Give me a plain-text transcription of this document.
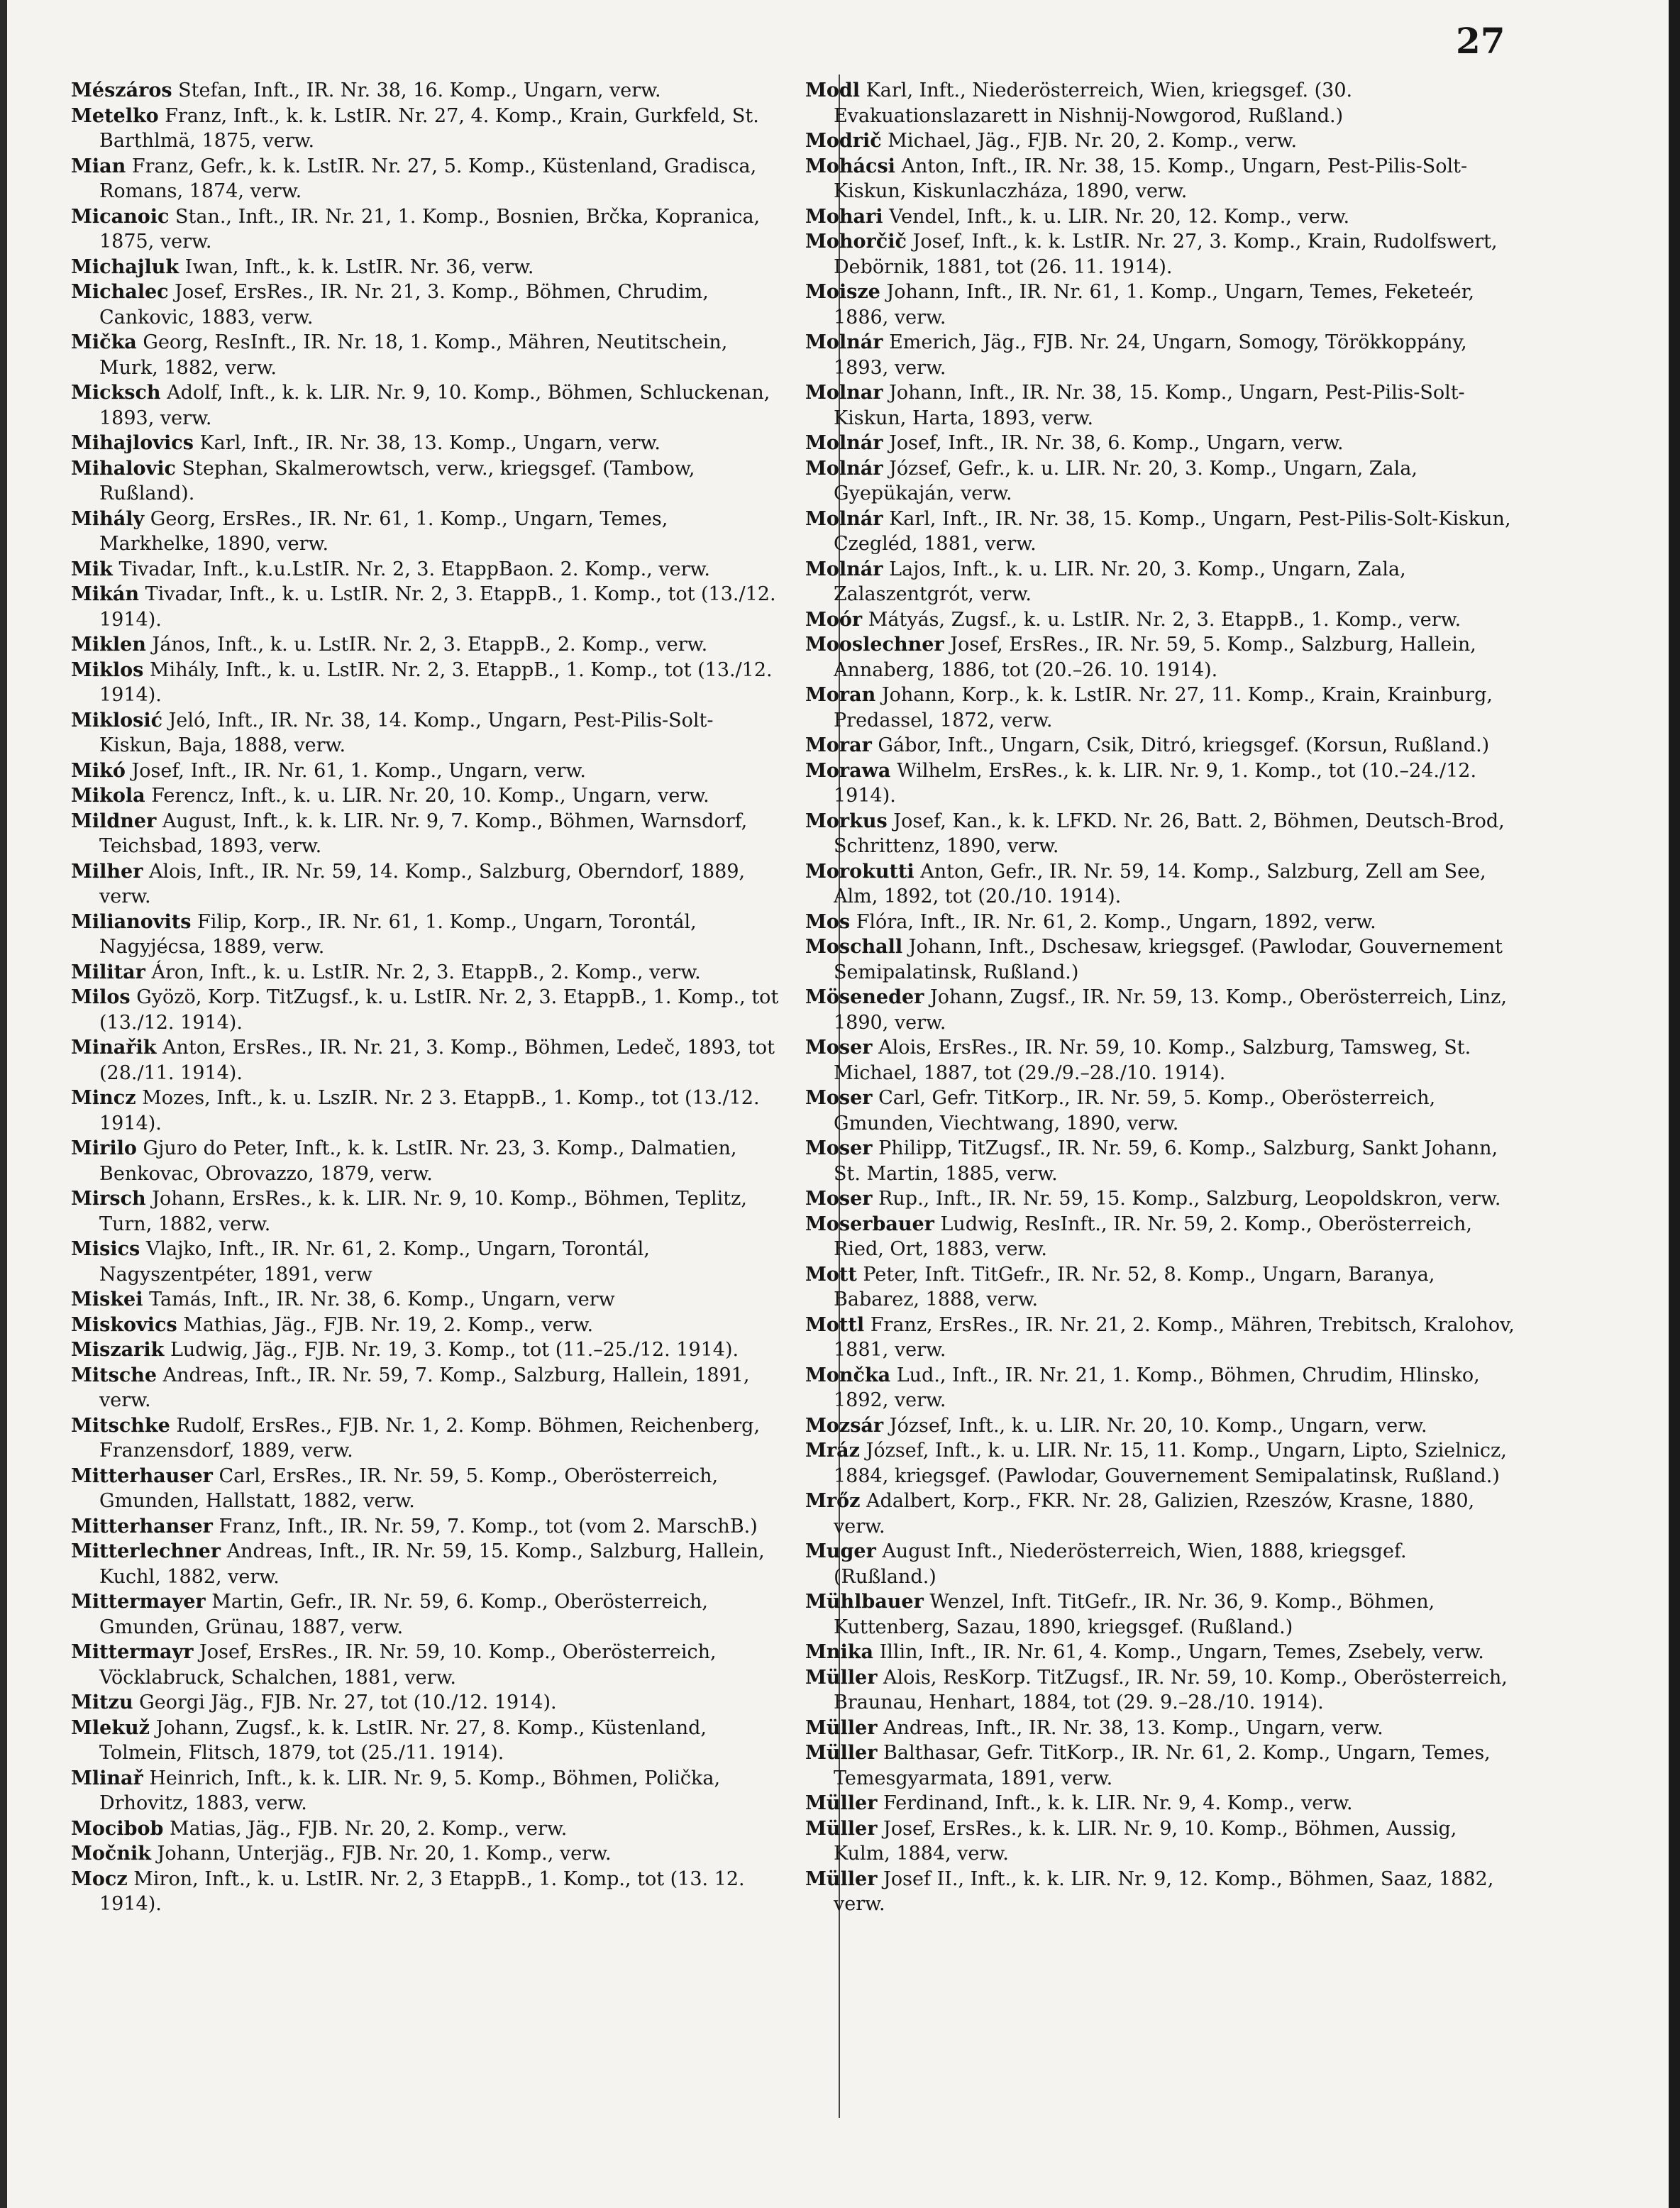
27

Mészáros Stefan, Inft., IR. Nr. 38, 16. Komp., Ungarn, verw.

Metelko Franz, Inft., k. k. LstIR. Nr. 27, 4. Komp., Krain, Gurkfeld, St. Barthlmä, 1875, verw.

Mian Franz, Gefr., k. k. LstIR. Nr. 27, 5. Komp., Küstenland, Gradisca, Romans, 1874, verw.

Micanoic Stan., Inft., IR. Nr. 21, 1. Komp., Bosnien, Brčka, Kopranica, 1875, verw.

Michajluk Iwan, Inft., k. k. LstIR. Nr. 36, verw.

Michalec Josef, ErsRes., IR. Nr. 21, 3. Komp., Böhmen, Chrudim, Cankovic, 1883, verw.

Mička Georg, ResInft., IR. Nr. 18, 1. Komp., Mähren, Neutitschein, Murk, 1882, verw.

Micksch Adolf, Inft., k. k. LIR. Nr. 9, 10. Komp., Böhmen, Schluckenan, 1893, verw.

Mihajlovics Karl, Inft., IR. Nr. 38, 13. Komp., Ungarn, verw.

Mihalovic Stephan, Skalmerowtsch, verw., kriegsgef. (Tambow, Rußland).

Mihály Georg, ErsRes., IR. Nr. 61, 1. Komp., Ungarn, Temes, Markhelke, 1890, verw.

Mik Tivadar, Inft., k.u.LstIR. Nr. 2, 3. EtappBaon. 2. Komp., verw.

Mikán Tivadar, Inft., k. u. LstIR. Nr. 2, 3. EtappB., 1. Komp., tot (13./12. 1914).

Miklen János, Inft., k. u. LstIR. Nr. 2, 3. EtappB., 2. Komp., verw.

Miklos Mihály, Inft., k. u. LstIR. Nr. 2, 3. EtappB., 1. Komp., tot (13./12. 1914).

Miklosić Jeló, Inft., IR. Nr. 38, 14. Komp., Ungarn, Pest-Pilis-Solt-Kiskun, Baja, 1888, verw.

Mikó Josef, Inft., IR. Nr. 61, 1. Komp., Ungarn, verw.

Mikola Ferencz, Inft., k. u. LIR. Nr. 20, 10. Komp., Ungarn, verw.

Mildner August, Inft., k. k. LIR. Nr. 9, 7. Komp., Böhmen, Warnsdorf, Teichsbad, 1893, verw.

Milher Alois, Inft., IR. Nr. 59, 14. Komp., Salzburg, Oberndorf, 1889, verw.

Milianovits Filip, Korp., IR. Nr. 61, 1. Komp., Ungarn, Torontál, Nagyjécsa, 1889, verw.

Militar Áron, Inft., k. u. LstIR. Nr. 2, 3. EtappB., 2. Komp., verw.

Milos Gyözö, Korp. TitZugsf., k. u. LstIR. Nr. 2, 3. EtappB., 1. Komp., tot (13./12. 1914).

Minařik Anton, ErsRes., IR. Nr. 21, 3. Komp., Böhmen, Ledeč, 1893, tot (28./11. 1914).

Mincz Mozes, Inft., k. u. LszIR. Nr. 2 3. EtappB., 1. Komp., tot (13./12. 1914).

Mirilo Gjuro do Peter, Inft., k. k. LstIR. Nr. 23, 3. Komp., Dalmatien, Benkovac, Obrovazzo, 1879, verw.

Mirsch Johann, ErsRes., k. k. LIR. Nr. 9, 10. Komp., Böhmen, Teplitz, Turn, 1882, verw.

Misics Vlajko, Inft., IR. Nr. 61, 2. Komp., Ungarn, Torontál, Nagyszentpéter, 1891, verw

Miskei Tamás, Inft., IR. Nr. 38, 6. Komp., Ungarn, verw

Miskovics Mathias, Jäg., FJB. Nr. 19, 2. Komp., verw.

Miszarik Ludwig, Jäg., FJB. Nr. 19, 3. Komp., tot (11.–25./12. 1914).

Mitsche Andreas, Inft., IR. Nr. 59, 7. Komp., Salzburg, Hallein, 1891, verw.

Mitschke Rudolf, ErsRes., FJB. Nr. 1, 2. Komp. Böhmen, Reichenberg, Franzensdorf, 1889, verw.

Mitterhauser Carl, ErsRes., IR. Nr. 59, 5. Komp., Oberösterreich, Gmunden, Hallstatt, 1882, verw.

Mitterhanser Franz, Inft., IR. Nr. 59, 7. Komp., tot (vom 2. MarschB.)

Mitterlechner Andreas, Inft., IR. Nr. 59, 15. Komp., Salzburg, Hallein, Kuchl, 1882, verw.

Mittermayer Martin, Gefr., IR. Nr. 59, 6. Komp., Oberösterreich, Gmunden, Grünau, 1887, verw.

Mittermayr Josef, ErsRes., IR. Nr. 59, 10. Komp., Oberösterreich, Vöcklabruck, Schalchen, 1881, verw.

Mitzu Georgi Jäg., FJB. Nr. 27, tot (10./12. 1914).

Mlekuž Johann, Zugsf., k. k. LstIR. Nr. 27, 8. Komp., Küstenland, Tolmein, Flitsch, 1879, tot (25./11. 1914).

Mlinař Heinrich, Inft., k. k. LIR. Nr. 9, 5. Komp., Böhmen, Polička, Drhovitz, 1883, verw.

Mocibob Matias, Jäg., FJB. Nr. 20, 2. Komp., verw.

Močnik Johann, Unterjäg., FJB. Nr. 20, 1. Komp., verw.

Mocz Miron, Inft., k. u. LstIR. Nr. 2, 3 EtappB., 1. Komp., tot (13. 12. 1914).

Modl Karl, Inft., Niederösterreich, Wien, kriegsgef. (30. Evakuationslazarett in Nishnij-Nowgorod, Rußland.)

Modrič Michael, Jäg., FJB. Nr. 20, 2. Komp., verw.

Mohácsi Anton, Inft., IR. Nr. 38, 15. Komp., Ungarn, Pest-Pilis-Solt-Kiskun, Kiskunlaczháza, 1890, verw.

Mohari Vendel, Inft., k. u. LIR. Nr. 20, 12. Komp., verw.

Mohorčič Josef, Inft., k. k. LstIR. Nr. 27, 3. Komp., Krain, Rudolfswert, Debörnik, 1881, tot (26. 11. 1914).

Moisze Johann, Inft., IR. Nr. 61, 1. Komp., Ungarn, Temes, Feketeér, 1886, verw.

Molnár Emerich, Jäg., FJB. Nr. 24, Ungarn, Somogy, Törökkoppány, 1893, verw.

Molnar Johann, Inft., IR. Nr. 38, 15. Komp., Ungarn, Pest-Pilis-Solt-Kiskun, Harta, 1893, verw.

Molnár Josef, Inft., IR. Nr. 38, 6. Komp., Ungarn, verw.

Molnár József, Gefr., k. u. LIR. Nr. 20, 3. Komp., Ungarn, Zala, Gyepükaján, verw.

Molnár Karl, Inft., IR. Nr. 38, 15. Komp., Ungarn, Pest-Pilis-Solt-Kiskun, Czegléd, 1881, verw.

Molnár Lajos, Inft., k. u. LIR. Nr. 20, 3. Komp., Ungarn, Zala, Zalaszentgrót, verw.

Moór Mátyás, Zugsf., k. u. LstIR. Nr. 2, 3. EtappB., 1. Komp., verw.

Mooslechner Josef, ErsRes., IR. Nr. 59, 5. Komp., Salzburg, Hallein, Annaberg, 1886, tot (20.–26. 10. 1914).

Moran Johann, Korp., k. k. LstIR. Nr. 27, 11. Komp., Krain, Krainburg, Predassel, 1872, verw.

Morar Gábor, Inft., Ungarn, Csik, Ditró, kriegsgef. (Korsun, Rußland.)

Morawa Wilhelm, ErsRes., k. k. LIR. Nr. 9, 1. Komp., tot (10.–24./12. 1914).

Morkus Josef, Kan., k. k. LFKD. Nr. 26, Batt. 2, Böhmen, Deutsch-Brod, Schrittenz, 1890, verw.

Morokutti Anton, Gefr., IR. Nr. 59, 14. Komp., Salzburg, Zell am See, Alm, 1892, tot (20./10. 1914).

Mos Flóra, Inft., IR. Nr. 61, 2. Komp., Ungarn, 1892, verw.

Moschall Johann, Inft., Dschesaw, kriegsgef. (Pawlodar, Gouvernement Semipalatinsk, Rußland.)

Möseneder Johann, Zugsf., IR. Nr. 59, 13. Komp., Oberösterreich, Linz, 1890, verw.

Moser Alois, ErsRes., IR. Nr. 59, 10. Komp., Salzburg, Tamsweg, St. Michael, 1887, tot (29./9.–28./10. 1914).

Moser Carl, Gefr. TitKorp., IR. Nr. 59, 5. Komp., Oberösterreich, Gmunden, Viechtwang, 1890, verw.

Moser Philipp, TitZugsf., IR. Nr. 59, 6. Komp., Salzburg, Sankt Johann, St. Martin, 1885, verw.

Moser Rup., Inft., IR. Nr. 59, 15. Komp., Salzburg, Leopoldskron, verw.

Moserbauer Ludwig, ResInft., IR. Nr. 59, 2. Komp., Oberösterreich, Ried, Ort, 1883, verw.

Mott Peter, Inft. TitGefr., IR. Nr. 52, 8. Komp., Ungarn, Baranya, Babarez, 1888, verw.

Mottl Franz, ErsRes., IR. Nr. 21, 2. Komp., Mähren, Trebitsch, Kralohov, 1881, verw.

Mončka Lud., Inft., IR. Nr. 21, 1. Komp., Böhmen, Chrudim, Hlinsko, 1892, verw.

Mozsár József, Inft., k. u. LIR. Nr. 20, 10. Komp., Ungarn, verw.

Mráz József, Inft., k. u. LIR. Nr. 15, 11. Komp., Ungarn, Lipto, Szielnicz, 1884, kriegsgef. (Pawlodar, Gouvernement Semipalatinsk, Rußland.)

Mrőz Adalbert, Korp., FKR. Nr. 28, Galizien, Rzeszów, Krasne, 1880, verw.

Muger August Inft., Niederösterreich, Wien, 1888, kriegsgef. (Rußland.)

Mühlbauer Wenzel, Inft. TitGefr., IR. Nr. 36, 9. Komp., Böhmen, Kuttenberg, Sazau, 1890, kriegsgef. (Rußland.)

Mnika Illin, Inft., IR. Nr. 61, 4. Komp., Ungarn, Temes, Zsebely, verw.

Müller Alois, ResKorp. TitZugsf., IR. Nr. 59, 10. Komp., Oberösterreich, Braunau, Henhart, 1884, tot (29. 9.–28./10. 1914).

Müller Andreas, Inft., IR. Nr. 38, 13. Komp., Ungarn, verw.

Müller Balthasar, Gefr. TitKorp., IR. Nr. 61, 2. Komp., Ungarn, Temes, Temesgyarmata, 1891, verw.

Müller Ferdinand, Inft., k. k. LIR. Nr. 9, 4. Komp., verw.

Müller Josef, ErsRes., k. k. LIR. Nr. 9, 10. Komp., Böhmen, Aussig, Kulm, 1884, verw.

Müller Josef II., Inft., k. k. LIR. Nr. 9, 12. Komp., Böhmen, Saaz, 1882, verw.
